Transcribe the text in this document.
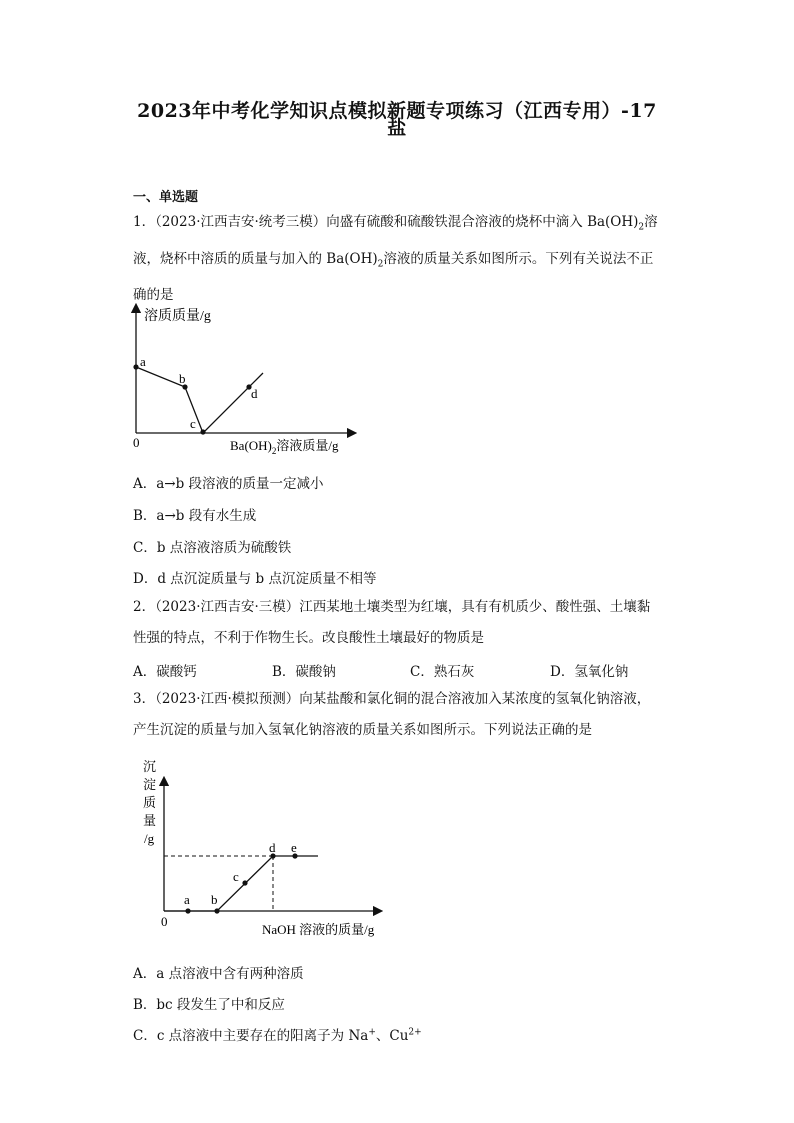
2023年中考化学知识点模拟新题专项练习（江西专用）-17
盐
一、单选题
1．（2023·江西吉安·统考三模）向盛有硫酸和硫酸铁混合溶液的烧杯中滴入 $Ba(OH)_2$溶液，烧杯中溶质的质量与加入的 $Ba(OH)_2$溶液的质量关系如图所示。下列有关说法不正确的是
溶质质量/g
0	$Ba(OH)_2$溶液质量/g
a
b
c
d
A．a→b 段溶液的质量一定减小
B．a→b 段有水生成
C．b 点溶液溶质为硫酸铁
D．d 点沉淀质量与 b 点沉淀质量不相等
2．（2023·江西吉安·三模）江西某地土壤类型为红壤，具有有机质少、酸性强、土壤黏性强的特点，不利于作物生长。改良酸性土壤最好的物质是
A．碳酸钙	B．碳酸钠	C．熟石灰	D．氢氧化钠
3．（2023·江西·模拟预测）向某盐酸和氯化铜的混合溶液加入某浓度的氢氧化钠溶液，产生沉淀的质量与加入氢氧化钠溶液的质量关系如图所示。下列说法正确的是
沉
淀
质
量
/g
0
NaOH 溶液的质量/g
a b
c
d e
A．a 点溶液中含有两种溶质
B．bc 段发生了中和反应
C．c 点溶液中主要存在的阳离子为 Na+、$Cu^{2+}$
